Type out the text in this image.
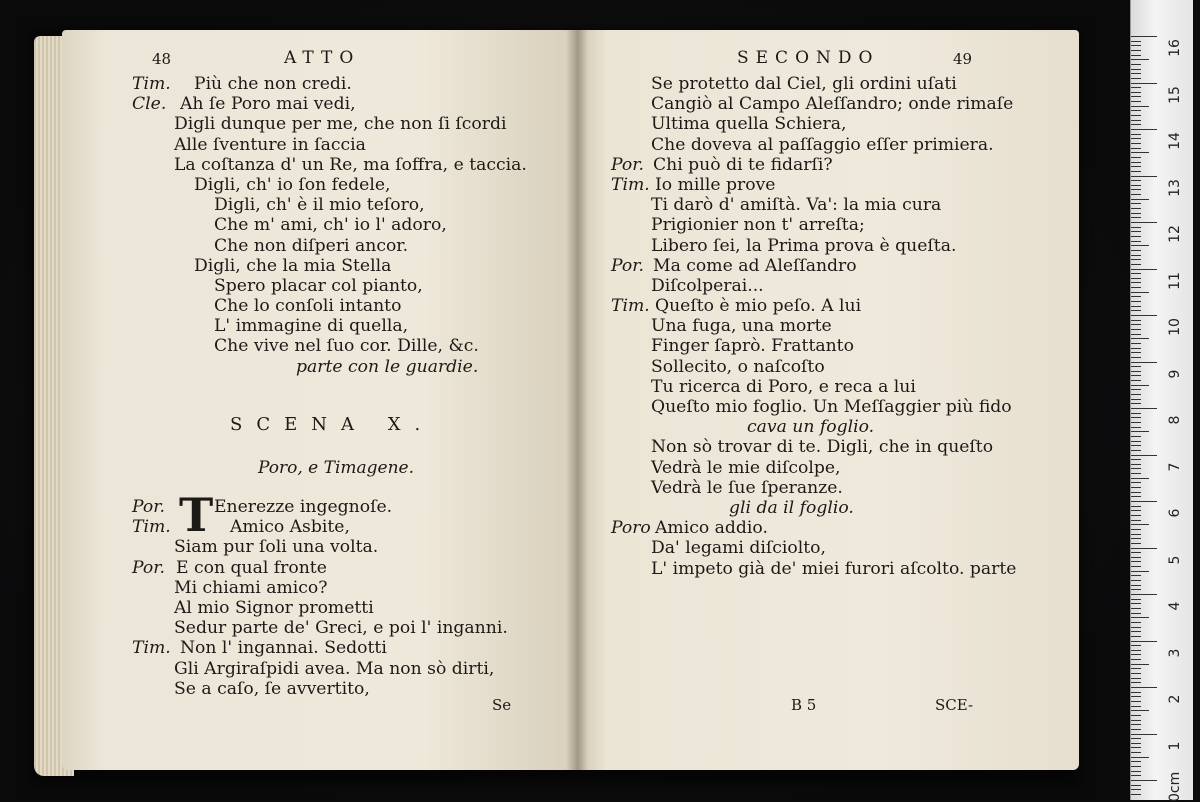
48	ATTO
Tim. Più che non credi.
Cle. Ah ſe Poro mai vedi,
Digli dunque per me, che non ſi ſcordi
Alle ſventure in ſaccia
La coſtanza d' un Re, ma ſoffra, e taccia.
Digli, ch' io ſon fedele,
Digli, ch' è il mio teſoro,
Che m' ami, ch' io l' adoro,
Che non diſperi ancor.
Digli, che la mia Stella
Spero placar col pianto,
Che lo conſoli intanto
L' immagine di quella,
Che vive nel ſuo cor. Dille, &c.
parte con le guardie.
SCENA X.
Poro, e Timagene.
T
Por.	Enerezze ingegnoſe.
Tim.	Amico Asbite,
Siam pur ſoli una volta.
Por. E con qual fronte
Mi chiami amico?
Al mio Signor prometti
Sedur parte de' Greci, e poi l' inganni.
Tim. Non l' ingannai. Sedotti
Gli Argiraſpidi avea. Ma non sò dirti,
Se a caſo, ſe avvertito,
Se
SECONDO	49
Se protetto dal Ciel, gli ordini uſati
Cangiò al Campo Aleſſandro; onde rimaſe
Ultima quella Schiera,
Che doveva al paſſaggio eſſer primiera.
Por. Chi può di te fidarſi?
Tim. Io mille prove
Ti darò d' amiſtà. Va': la mia cura
Prigionier non t' arreſta;
Libero ſei, la Prima prova è queſta.
Por. Ma come ad Aleſſandro
Diſcolperai...
Tim. Queſto è mio peſo. A lui
Una fuga, una morte
Finger ſaprò. Frattanto
Sollecito, o naſcoſto
Tu ricerca di Poro, e reca a lui
Queſto mio foglio. Un Meſſaggier più fido
cava un foglio.
Non sò trovar di te. Digli, che in queſto
Vedrà le mie diſcolpe,
Vedrà le ſue ſperanze.
gli da il foglio.
Poro Amico addio.
Da' legami diſciolto,
L' impeto già de' miei furori aſcolto. parte
B 5	SCE-
16
15
14
13
12
11
10
9
8
7
6
5
4
3
2
1
0cm
